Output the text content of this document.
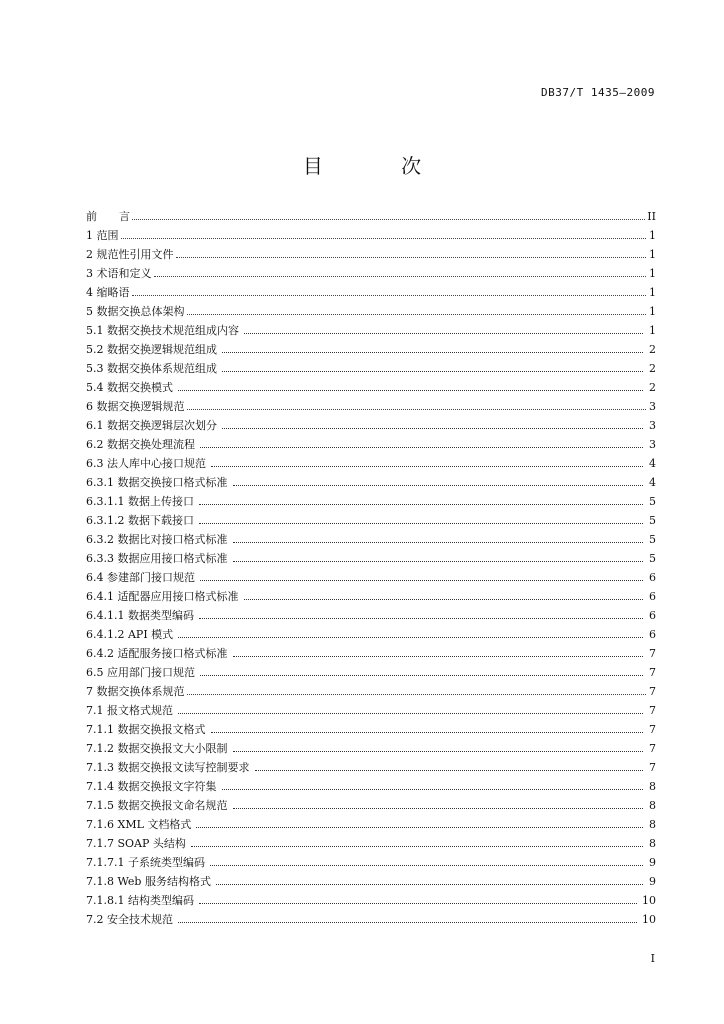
DB37/T 1435—2009
目 次
前　　言	II
1 范围	1
2 规范性引用文件	1
3 术语和定义	1
4 缩略语	1
5 数据交换总体架构	1
5.1 数据交换技术规范组成内容	1
5.2 数据交换逻辑规范组成	2
5.3 数据交换体系规范组成	2
5.4 数据交换模式	2
6 数据交换逻辑规范	3
6.1 数据交换逻辑层次划分	3
6.2 数据交换处理流程	3
6.3 法人库中心接口规范	4
6.3.1 数据交换接口格式标准	4
6.3.1.1 数据上传接口	5
6.3.1.2 数据下载接口	5
6.3.2 数据比对接口格式标准	5
6.3.3 数据应用接口格式标准	5
6.4 参建部门接口规范	6
6.4.1 适配器应用接口格式标准	6
6.4.1.1 数据类型编码	6
6.4.1.2 API 模式	6
6.4.2 适配服务接口格式标准	7
6.5 应用部门接口规范	7
7 数据交换体系规范	7
7.1 报文格式规范	7
7.1.1 数据交换报文格式	7
7.1.2 数据交换报文大小限制	7
7.1.3 数据交换报文读写控制要求	7
7.1.4 数据交换报文字符集	8
7.1.5 数据交换报文命名规范	8
7.1.6 XML 文档格式	8
7.1.7 SOAP 头结构	8
7.1.7.1 子系统类型编码	9
7.1.8 Web 服务结构格式	9
7.1.8.1 结构类型编码	10
7.2 安全技术规范	10
I
